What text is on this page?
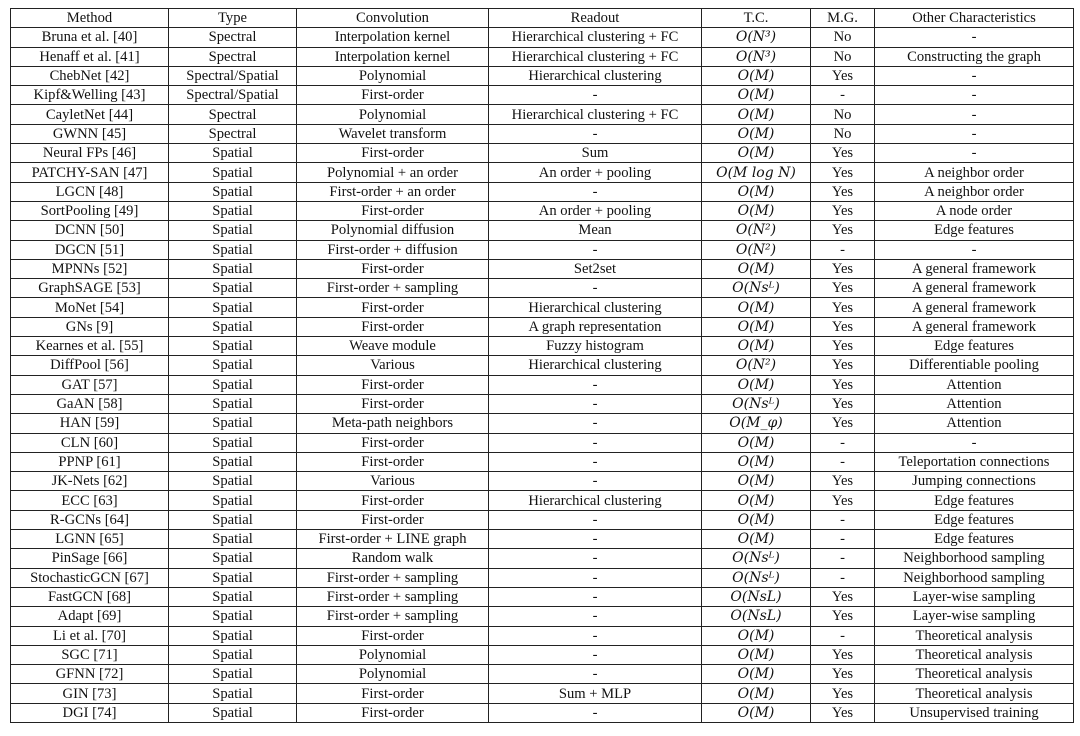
Method	Type	Convolution	Readout	T.C.	M.G.	Other Characteristics
Bruna et al. [40]	Spectral	Interpolation kernel	Hierarchical clustering + FC	O(N³)	No	-
Henaff et al. [41]	Spectral	Interpolation kernel	Hierarchical clustering + FC	O(N³)	No	Constructing the graph
ChebNet [42]	Spectral/Spatial	Polynomial	Hierarchical clustering	O(M)	Yes	-
Kipf&Welling [43]	Spectral/Spatial	First-order	-	O(M)	-	-
CayletNet [44]	Spectral	Polynomial	Hierarchical clustering + FC	O(M)	No	-
GWNN [45]	Spectral	Wavelet transform	-	O(M)	No	-
Neural FPs [46]	Spatial	First-order	Sum	O(M)	Yes	-
PATCHY-SAN [47]	Spatial	Polynomial + an order	An order + pooling	O(M log N)	Yes	A neighbor order
LGCN [48]	Spatial	First-order + an order	-	O(M)	Yes	A neighbor order
SortPooling [49]	Spatial	First-order	An order + pooling	O(M)	Yes	A node order
DCNN [50]	Spatial	Polynomial diffusion	Mean	O(N²)	Yes	Edge features
DGCN [51]	Spatial	First-order + diffusion	-	O(N²)	-	-
MPNNs [52]	Spatial	First-order	Set2set	O(M)	Yes	A general framework
GraphSAGE [53]	Spatial	First-order + sampling	-	O(Nsᴸ)	Yes	A general framework
MoNet [54]	Spatial	First-order	Hierarchical clustering	O(M)	Yes	A general framework
GNs [9]	Spatial	First-order	A graph representation	O(M)	Yes	A general framework
Kearnes et al. [55]	Spatial	Weave module	Fuzzy histogram	O(M)	Yes	Edge features
DiffPool [56]	Spatial	Various	Hierarchical clustering	O(N²)	Yes	Differentiable pooling
GAT [57]	Spatial	First-order	-	O(M)	Yes	Attention
GaAN [58]	Spatial	First-order	-	O(Nsᴸ)	Yes	Attention
HAN [59]	Spatial	Meta-path neighbors	-	O(M_φ)	Yes	Attention
CLN [60]	Spatial	First-order	-	O(M)	-	-
PPNP [61]	Spatial	First-order	-	O(M)	-	Teleportation connections
JK-Nets [62]	Spatial	Various	-	O(M)	Yes	Jumping connections
ECC [63]	Spatial	First-order	Hierarchical clustering	O(M)	Yes	Edge features
R-GCNs [64]	Spatial	First-order	-	O(M)	-	Edge features
LGNN [65]	Spatial	First-order + LINE graph	-	O(M)	-	Edge features
PinSage [66]	Spatial	Random walk	-	O(Nsᴸ)	-	Neighborhood sampling
StochasticGCN [67]	Spatial	First-order + sampling	-	O(Nsᴸ)	-	Neighborhood sampling
FastGCN [68]	Spatial	First-order + sampling	-	O(NsL)	Yes	Layer-wise sampling
Adapt [69]	Spatial	First-order + sampling	-	O(NsL)	Yes	Layer-wise sampling
Li et al. [70]	Spatial	First-order	-	O(M)	-	Theoretical analysis
SGC [71]	Spatial	Polynomial	-	O(M)	Yes	Theoretical analysis
GFNN [72]	Spatial	Polynomial	-	O(M)	Yes	Theoretical analysis
GIN [73]	Spatial	First-order	Sum + MLP	O(M)	Yes	Theoretical analysis
DGI [74]	Spatial	First-order	-	O(M)	Yes	Unsupervised training
